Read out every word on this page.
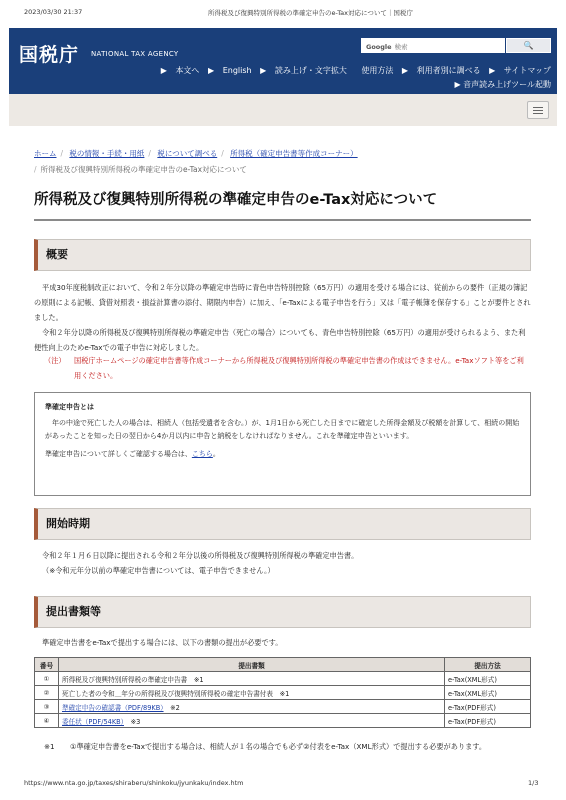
2023/03/30 21:37	所得税及び復興特別所得税の準確定申告のe-Tax対応について｜国税庁
国税庁 NATIONAL TAX AGENCY
Google 検索	🔍
▶ 本文へ ▶ English ▶ 読み上げ・文字拡大 使用方法 ▶ 利用者別に調べる ▶ サイトマップ
▶ 音声読み上げツール起動
ホーム / 税の情報・手続・用紙 / 税について調べる / 所得税（確定申告書等作成コーナー）
/ 所得税及び復興特別所得税の準確定申告のe-Tax対応について
所得税及び復興特別所得税の準確定申告のe-Tax対応について
概要
平成30年度税制改正において、令和２年分以降の準確定申告時に青色申告特別控除（65万円）の適用を受ける場合には、従前からの要件（正規の簿記の原則による記帳、貸借対照表・損益計算書の添付、期限内申告）に加え、「e-Taxによる電子申告を行う」又は「電子帳簿を保存する」ことが要件とされました。
令和２年分以降の所得税及び復興特別所得税の準確定申告（死亡の場合）についても、青色申告特別控除（65万円）の適用が受けられるよう、また利便性向上のためe-Taxでの電子申告に対応しました。
（注） 国税庁ホームページの確定申告書等作成コーナーから所得税及び復興特別所得税の準確定申告書の作成はできません。e-Taxソフト等をご利用ください。
準確定申告とは
年の中途で死亡した人の場合は、相続人（包括受遺者を含む。）が、1月1日から死亡した日までに確定した所得金額及び税額を計算して、相続の開始があったことを知った日の翌日から4か月以内に申告と納税をしなければなりません。これを準確定申告といいます。
準確定申告について詳しくご確認する場合は、こちら。
開始時期
令和２年１月６日以降に提出される令和２年分以後の所得税及び復興特別所得税の準確定申告書。
（※令和元年分以前の準確定申告書については、電子申告できません。）
提出書類等
準確定申告書をe-Taxで提出する場合には、以下の書類の提出が必要です。
番号	提出書類	提出方法
①	所得税及び復興特別所得税の準確定申告書　 ※1	e-Tax(XML形式)
②	死亡した者の令和＿年分の所得税及び復興特別所得税の確定申告書付表　 ※1	e-Tax(XML形式)
③	準確定申告の確認書（PDF/89KB）　 ※2	e-Tax(PDF形式)
④	委任状（PDF/54KB）　 ※3	e-Tax(PDF形式)
※1	①準確定申告書をe-Taxで提出する場合は、相続人が１名の場合でも必ず②付表をe-Tax（XML形式）で提出する必要があります。
https://www.nta.go.jp/taxes/shiraberu/shinkoku/jyunkaku/index.htm	1/3
